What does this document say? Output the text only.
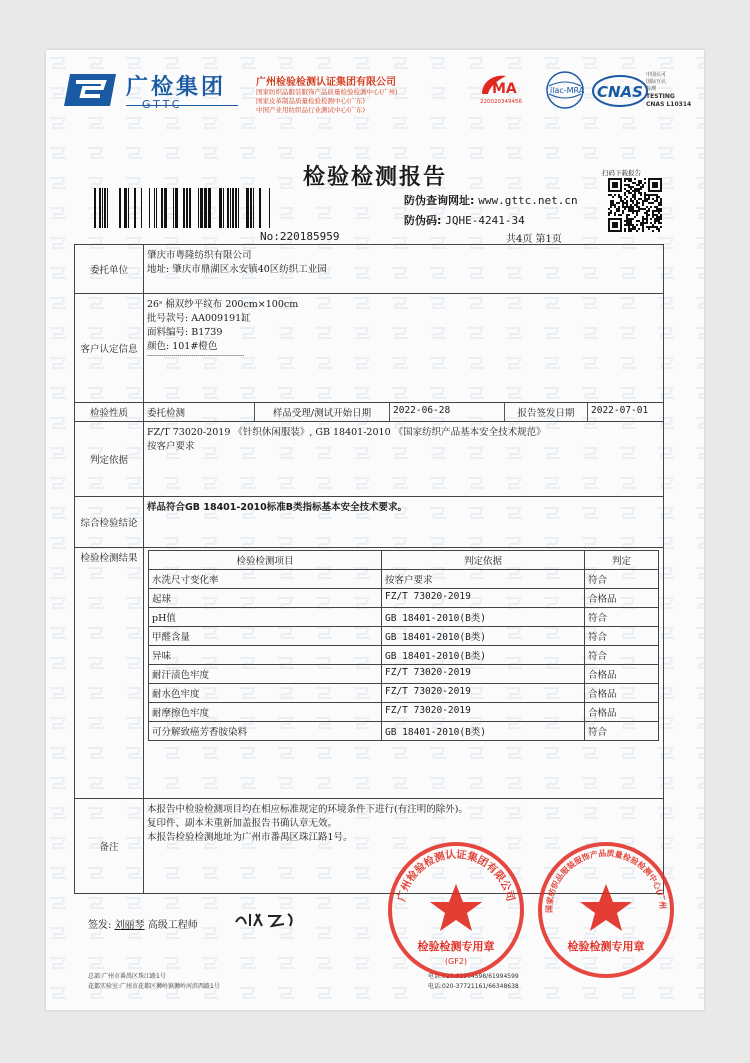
广检集团
GTTC
广州检验检测认证集团有限公司
国家纺织品服装服饰产品质量检验检测中心(广州)
国家皮革制品质量检验检测中心(广东)
中国产业用纺织品行业测试中心(广东)
MA
220020349456
ilac-MRA CNAS
中国认可
国际互认
检测
TESTING
CNAS L10314
检验检测报告
No:220185959
防伪查询网址: www.gttc.net.cn
防伪码: JQHE-4241-34
共4页 第1页
扫码下载报告
委托单位	
肇庆市粤隆纺织有限公司
地址: 肇庆市鼎湖区永安镇40区纺织工业园

客户认定信息	
26ˢ 棉双纱平纹布 200cm×100cm
批号款号: AA009191缸
面料编号: B1739
颜色: 101#橙色
------------------------------------------------

检验性质	委托检测	样品受理/测试开始日期	2022-06-28	报告签发日期	2022-07-01

判定依据	
FZ/T 73020-2019 《针织休闲服装》, GB 18401-2010 《国家纺织产品基本安全技术规范》
按客户要求

综合检验结论	样品符合GB 18401-2010标准B类指标基本安全技术要求。
检验检测结果		检验检测项目	判定依据	判定
水洗尺寸变化率	按客户要求	符合
起球	FZ/T 73020-2019	合格品
pH值	GB 18401-2010(B类)	符合
甲醛含量	GB 18401-2010(B类)	符合
异味	GB 18401-2010(B类)	符合
耐汗渍色牢度	FZ/T 73020-2019	合格品
耐水色牢度	FZ/T 73020-2019	合格品
耐摩擦色牢度	FZ/T 73020-2019	合格品
可分解致癌芳香胺染料	GB 18401-2010(B类)	符合

备注	
本报告中检验检测项目均在相应标准规定的环境条件下进行(有注明的除外)。
复印件、副本未重新加盖报告书确认章无效。
本报告检验检测地址为广州市番禺区珠江路1号。
签发: 刘丽琴 高级工程师
总部:广州市番禺区珠江路1号
花都实验室:广州市花都区狮岭镇狮岭河滨西路1号
电话:020-61994598/61994599
电话:020-37721161/66348638
广州检验检测认证集团有限公司
检验检测专用章
(GF2)
国家纺织品服装服饰产品质量检验检测中心(广州
检验检测专用章
